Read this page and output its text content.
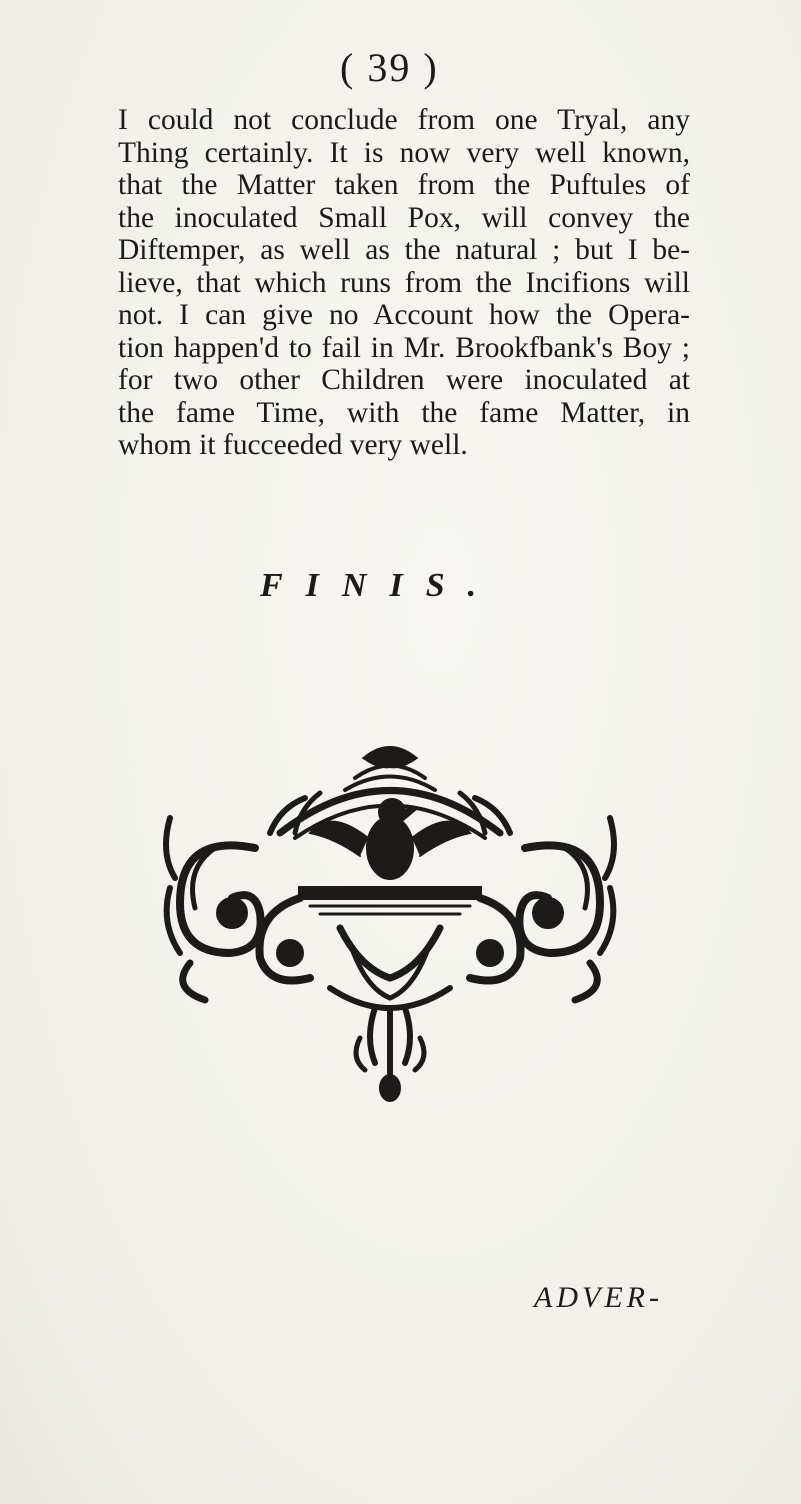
( 39 )
I could not conclude from one Tryal, any
Thing certainly. It is now very well known,
that the Matter taken from the Puftules of
the inoculated Small Pox, will convey the
Diftemper, as well as the natural ; but I be-
lieve, that which runs from the Incifions will
not. I can give no Account how the Opera-
tion happen'd to fail in Mr. Brookfbank's Boy ;
for two other Children were inoculated at
the fame Time, with the fame Matter, in
whom it fucceeded very well.
FINIS.
ADVER-
